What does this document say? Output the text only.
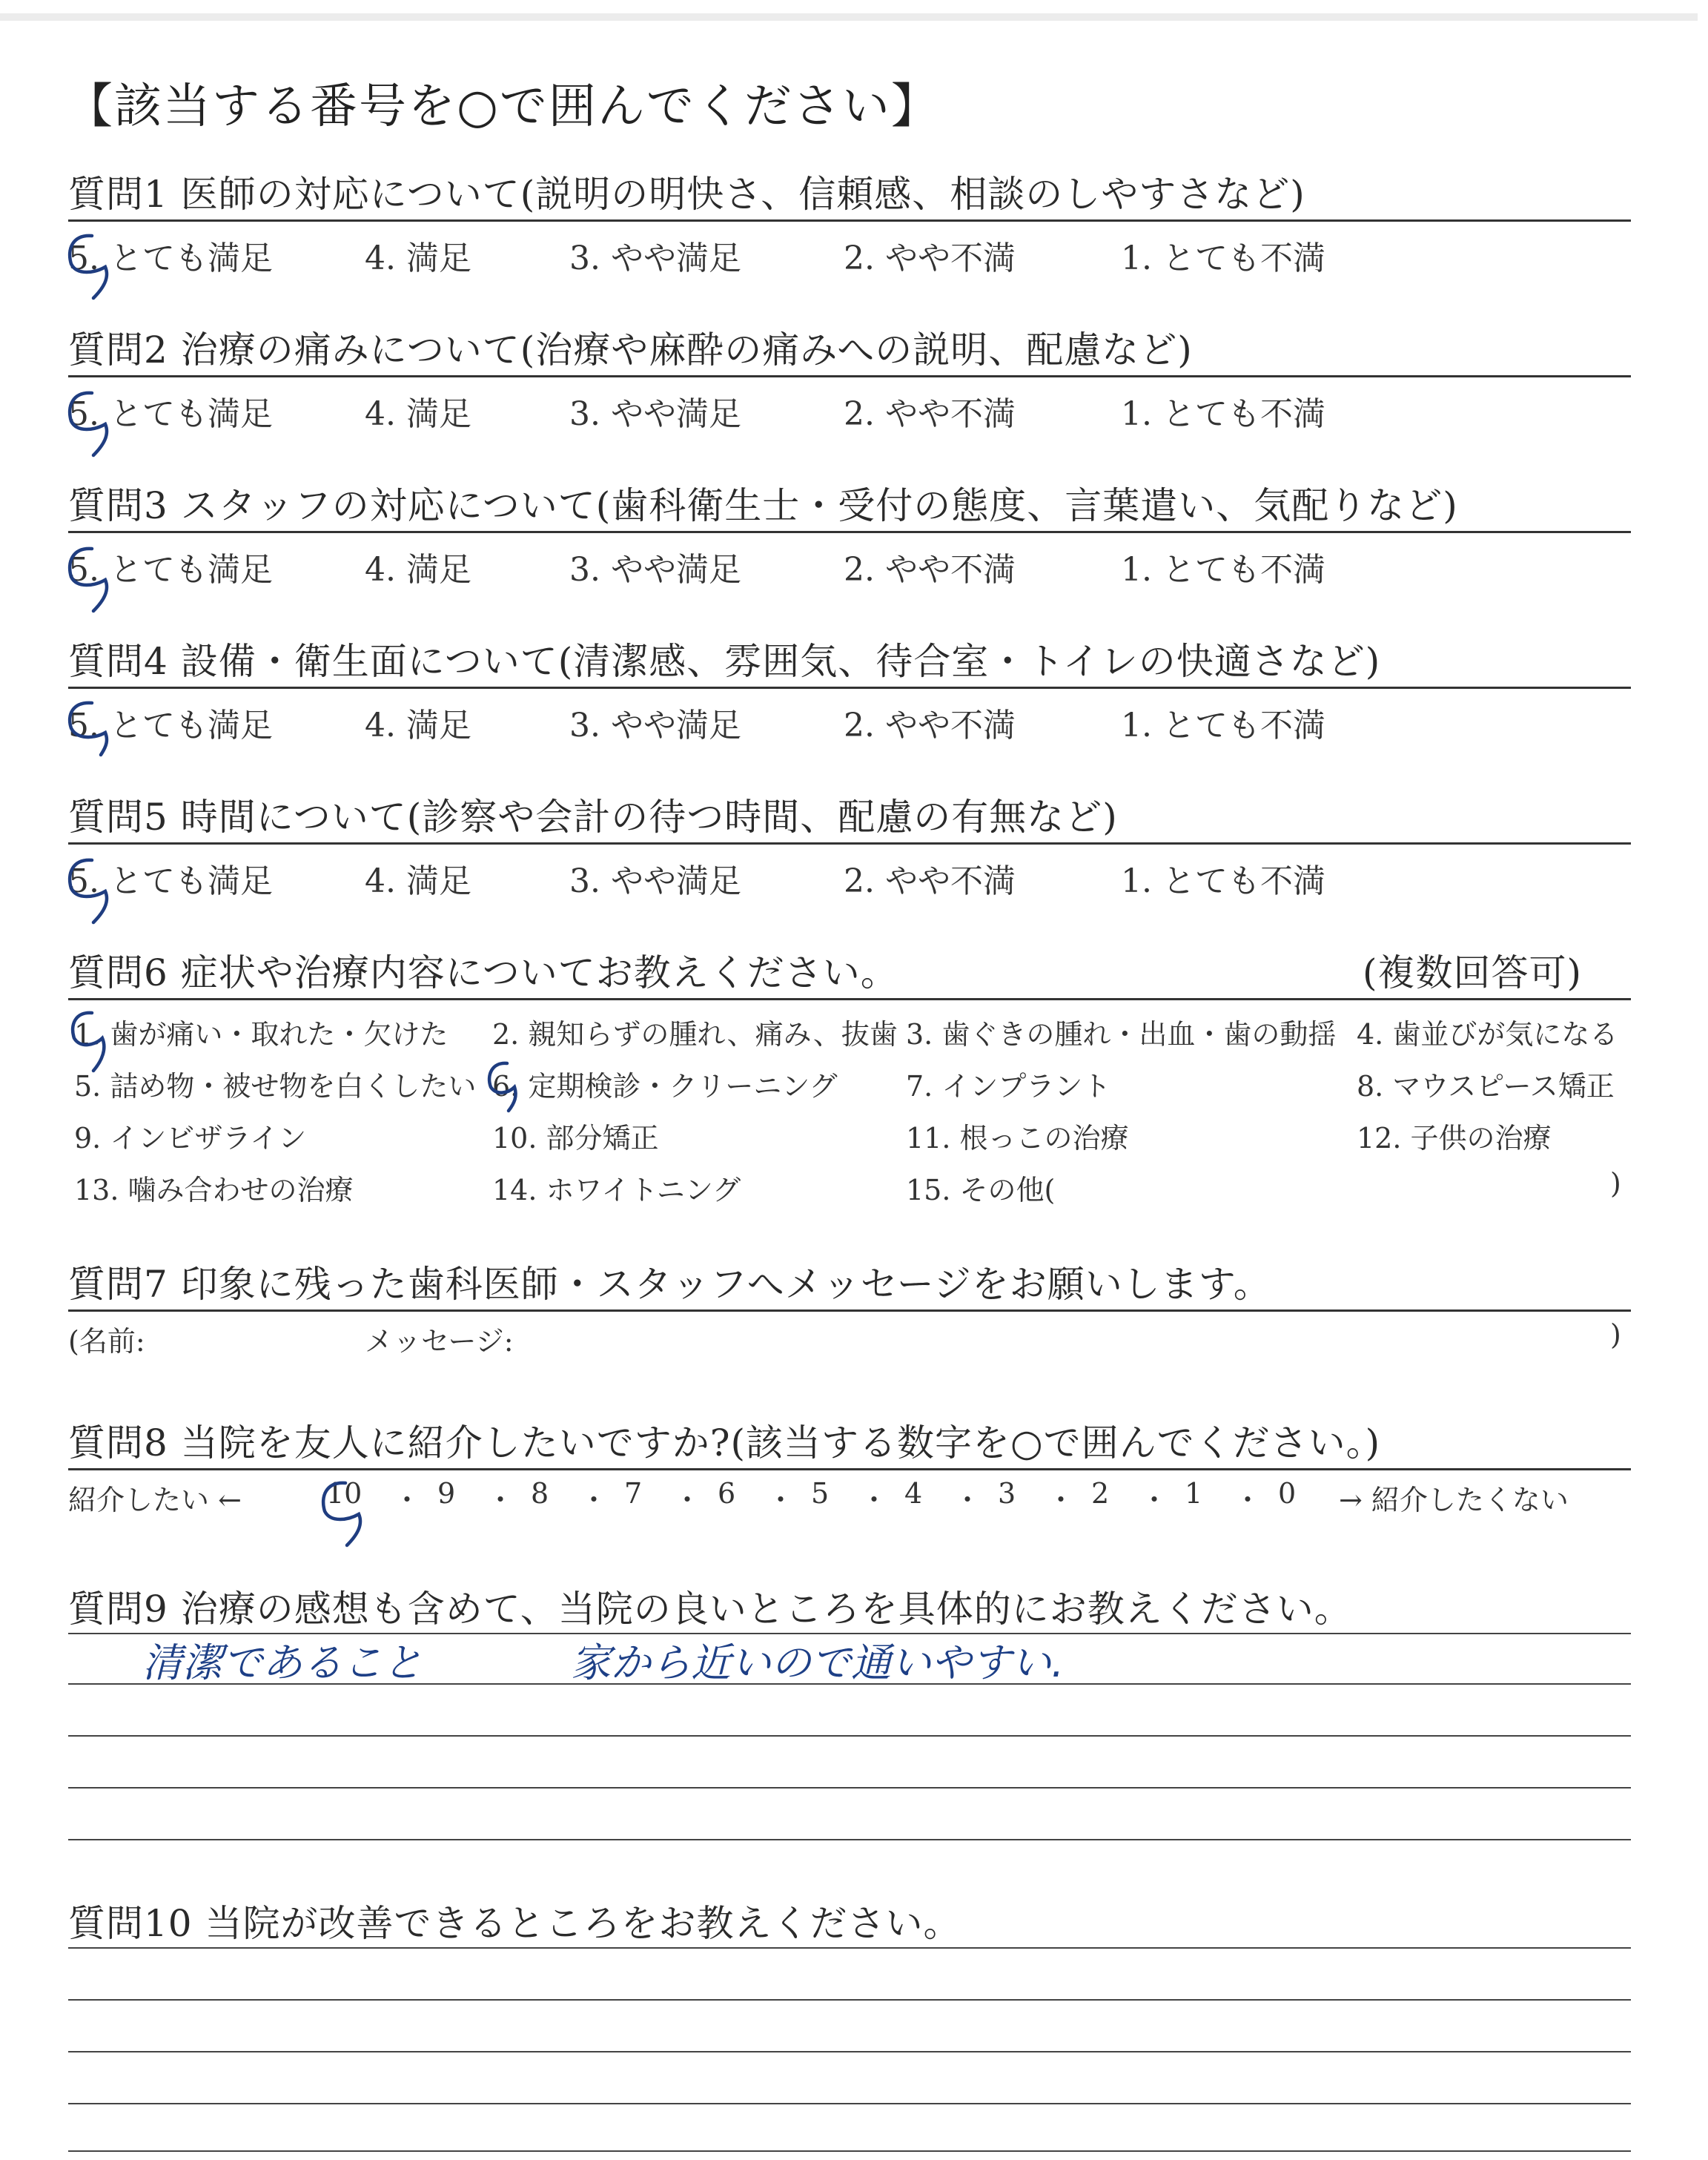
【該当する番号を○で囲んでください】
質問1 医師の対応について(説明の明快さ、信頼感、相談のしやすさなど)
5. とても満足	4. 満足	3. やや満足	2. やや不満	1. とても不満
質問2 治療の痛みについて(治療や麻酔の痛みへの説明、配慮など)
5. とても満足	4. 満足	3. やや満足	2. やや不満	1. とても不満
質問3 スタッフの対応について(歯科衛生士・受付の態度、言葉遣い、気配りなど)
5. とても満足	4. 満足	3. やや満足	2. やや不満	1. とても不満
質問4 設備・衛生面について(清潔感、雰囲気、待合室・トイレの快適さなど)
5. とても満足	4. 満足	3. やや満足	2. やや不満	1. とても不満
質問5 時間について(診察や会計の待つ時間、配慮の有無など)
5. とても満足	4. 満足	3. やや満足	2. やや不満	1. とても不満
質問6 症状や治療内容についてお教えください。	(複数回答可)
1. 歯が痛い・取れた・欠けた 2. 親知らずの腫れ、痛み、抜歯 3. 歯ぐきの腫れ・出血・歯の動揺 4. 歯並びが気になる
5. 詰め物・被せ物を白くしたい 6. 定期検診・クリーニング 7. インプラント	8. マウスピース矯正
9. インビザライン	10. 部分矯正	11. 根っこの治療	12. 子供の治療
13. 噛み合わせの治療	14. ホワイトニング	15. その他(	)
質問7 印象に残った歯科医師・スタッフへメッセージをお願いします。
(名前:	メッセージ:	)
質問8 当院を友人に紹介したいですか?(該当する数字を○で囲んでください。)
紹介したい ←	→ 紹介したくない
10 ・ 9 ・ 8 ・ 7 ・ 6 ・ 5 ・ 4 ・ 3 ・ 2 ・ 1 ・ 0
質問9 治療の感想も含めて、当院の良いところを具体的にお教えください。
清潔であること	家から近いので通いやすい.
質問10 当院が改善できるところをお教えください。
